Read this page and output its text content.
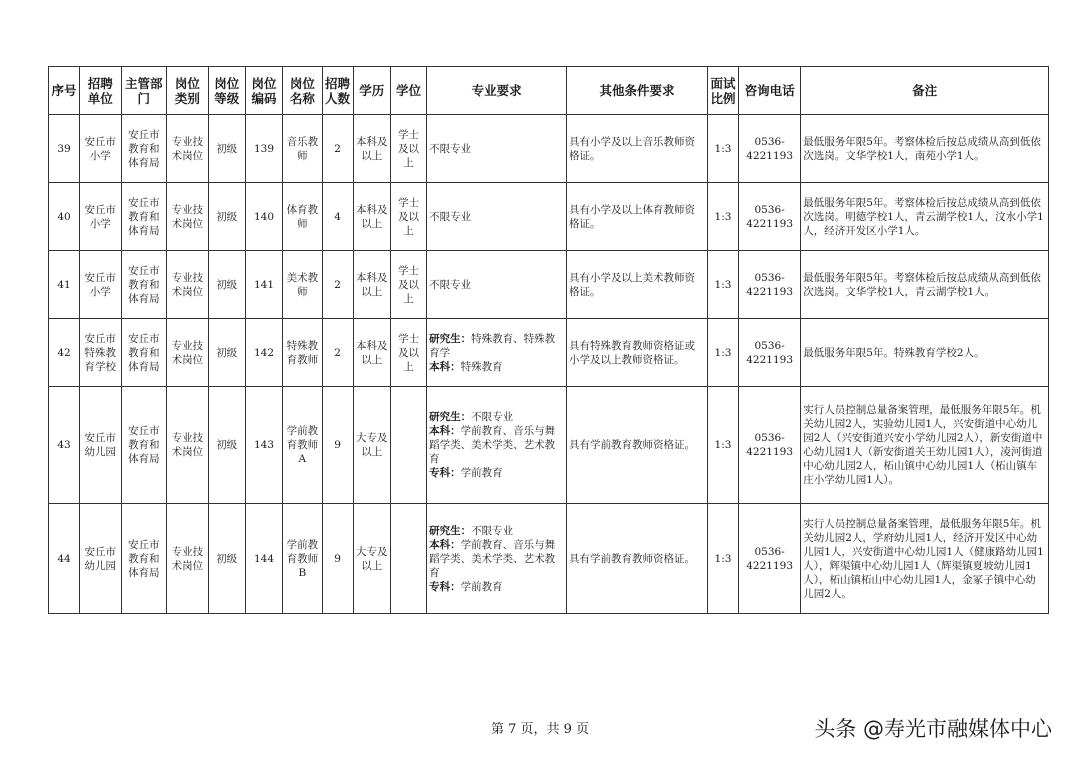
序号	招聘单位	主管部门	岗位类别	岗位等级	岗位编码	岗位名称	招聘人数	学历	学位	专业要求	其他条件要求	面试比例	咨询电话	备注
39	安丘市小学	安丘市教育和体育局	专业技术岗位	初级	139	音乐教师	2	本科及以上	学士及以上	不限专业	具有小学及以上音乐教师资格证。	1:3	0536-4221193	最低服务年限5年。考察体检后按总成绩从高到低依次选岗。文华学校1人，南苑小学1人。
40	安丘市小学	安丘市教育和体育局	专业技术岗位	初级	140	体育教师	4	本科及以上	学士及以上	不限专业	具有小学及以上体育教师资格证。	1:3	0536-4221193	最低服务年限5年。考察体检后按总成绩从高到低依次选岗。明德学校1人，青云湖学校1人，汶水小学1人，经济开发区小学1人。
41	安丘市小学	安丘市教育和体育局	专业技术岗位	初级	141	美术教师	2	本科及以上	学士及以上	不限专业	具有小学及以上美术教师资格证。	1:3	0536-4221193	最低服务年限5年。考察体检后按总成绩从高到低依次选岗。文华学校1人，青云湖学校1人。
42	安丘市特殊教育学校	安丘市教育和体育局	专业技术岗位	初级	142	特殊教育教师	2	本科及以上	学士及以上	研究生：特殊教育、特殊教育学
本科：特殊教育	具有特殊教育教师资格证或小学及以上教师资格证。	1:3	0536-4221193	最低服务年限5年。特殊教育学校2人。
43	安丘市幼儿园	安丘市教育和体育局	专业技术岗位	初级	143	学前教育教师A	9	大专及以上		研究生：不限专业
本科：学前教育、音乐与舞蹈学类、美术学类、艺术教育
专科：学前教育	具有学前教育教师资格证。	1:3	0536-4221193	实行人员控制总量备案管理，最低服务年限5年。机关幼儿园2人，实验幼儿园1人，兴安街道中心幼儿园2人（兴安街道兴安小学幼儿园2人），新安街道中心幼儿园1人（新安街道关王幼儿园1人），凌河街道中心幼儿园2人，柘山镇中心幼儿园1人（柘山镇车庄小学幼儿园1人）。
44	安丘市幼儿园	安丘市教育和体育局	专业技术岗位	初级	144	学前教育教师B	9	大专及以上		研究生：不限专业
本科：学前教育、音乐与舞蹈学类、美术学类、艺术教育
专科：学前教育	具有学前教育教师资格证。	1:3	0536-4221193	实行人员控制总量备案管理，最低服务年限5年。机关幼儿园2人，学府幼儿园1人，经济开发区中心幼儿园1人，兴安街道中心幼儿园1人（健康路幼儿园1人），辉渠镇中心幼儿园1人（辉渠镇夏坡幼儿园1人），柘山镇柘山中心幼儿园1人，金冢子镇中心幼儿园2人。
第 7 页，共 9 页	头条 @寿光市融媒体中心
